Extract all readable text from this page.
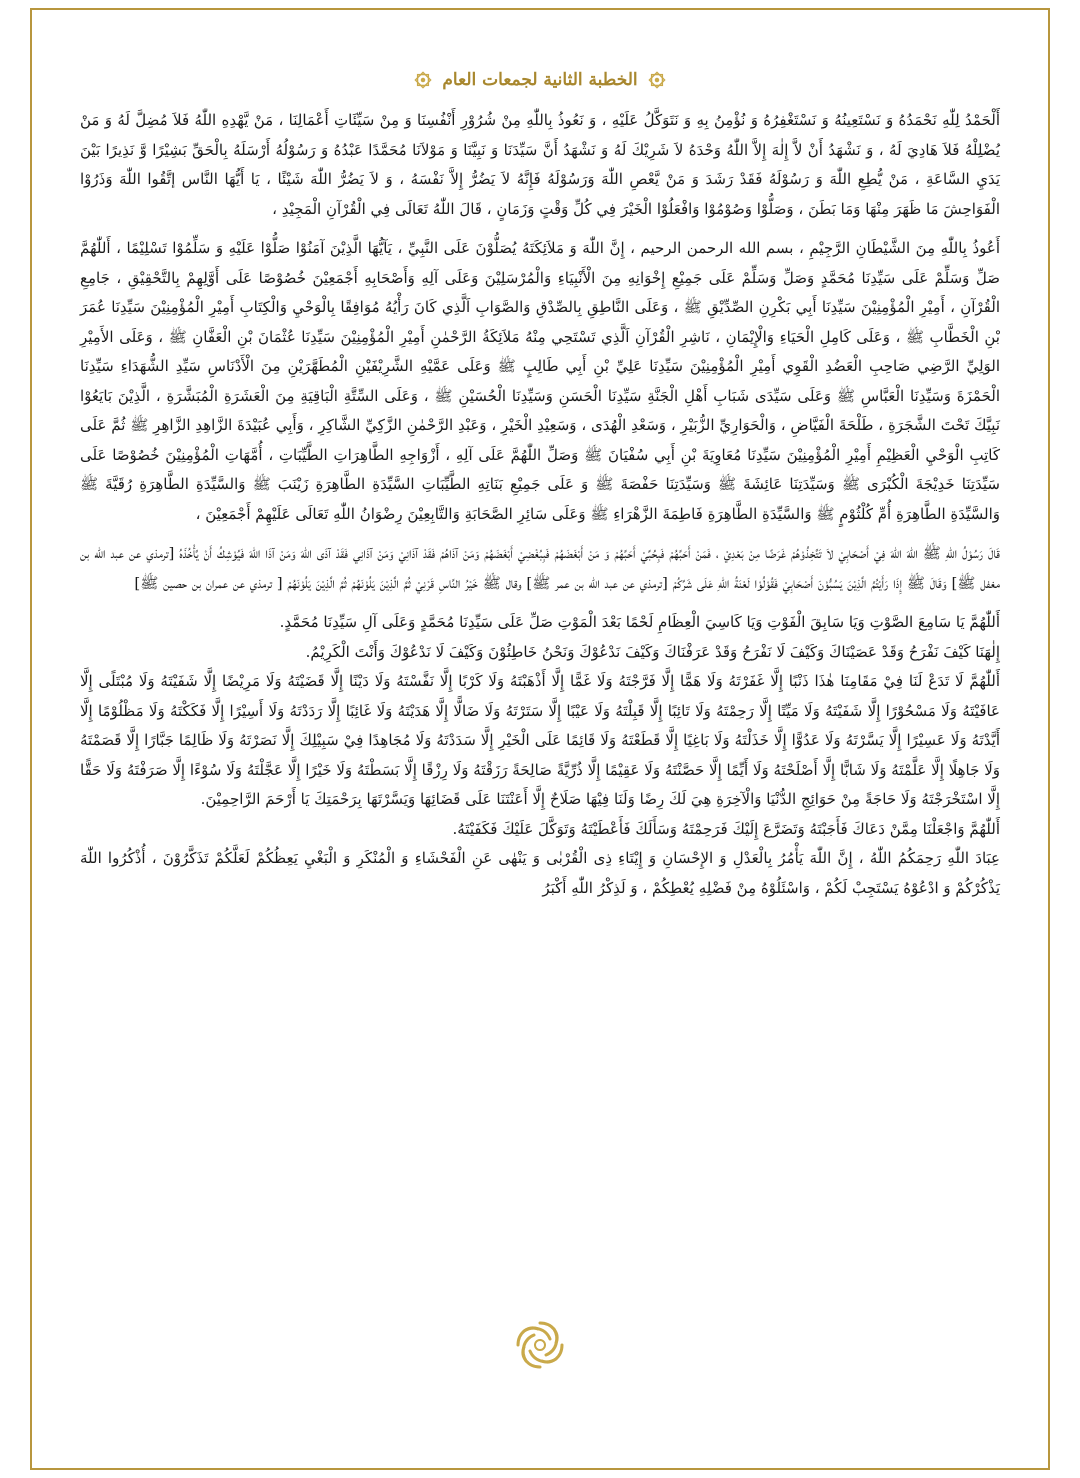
الخطبة الثانية لجمعات العام

أَلْحَمْدُ لِلّٰهِ نَحْمَدُهُ وَ نَسْتَعِينُهُ وَ نَسْتَغْفِرُهُ وَ نُؤْمِنُ بِهِ وَ نَتَوَكَّلُ عَلَيْهِ ، وَ نَعُوذُ بِاللّٰهِ مِنْ شُرُوْرِ أَنْفُسِنَا وَ مِنْ سَيِّئَاتِ أَعْمَالِنَا ، مَنْ يَّهْدِهِ اللّٰهُ فَلاَ مُضِلَّ لَهُ وَ مَنْ يُضْلِلْهُ فَلاَ هَادِيَ لَهُ ، وَ نَشْهَدُ أَنْ لاَّ إِلٰهَ إِلاَّ اللّٰهُ وَحْدَهُ لاَ شَرِيْكَ لَهُ وَ نَشْهَدُ أَنَّ سَيِّدَنَا وَ نَبِيَّنَا وَ مَوْلاَنَا مُحَمَّدًا عَبْدُهُ وَ رَسُوْلُهُ أَرْسَلَهُ بِالْحَقِّ بَشِيْرًا وَّ نَذِيرًا بَيْنَ يَدَيِ السَّاعَةِ ، مَنْ يُّطِعِ اللّٰهَ وَ رَسُوْلَهُ فَقَدْ رَشَدَ وَ مَنْ يَّعْصِ اللّٰهَ وَرَسُوْلَهُ فَإِنَّهُ لاَ يَضُرُّ إِلاَّ نَفْسَهُ ، وَ لاَ يَضُرُّ اللّٰهَ شَيْئًا ، يَا أَيُّهَا النَّاس إتَّقُوا اللّٰهَ وَذَرُوْا الْفَوَاحِشَ مَا ظَهَرَ مِنْهَا وَمَا بَطَنَ ، وَصَلُّوْا وَصُوْمُوْا وَافْعَلُوْا الْخَيْرَ فِي كُلِّ وَقْتٍ وَزَمَانٍ ، قَالَ اللّٰهُ تَعَالَى فِي الْقُرْآنِ الْمَجِيْدِ ،

أَعُوذُ بِاللّٰهِ مِنَ الشَّيْطَانِ الرَّجِيْمِ ، بسم الله الرحمن الرحيم ، إِنَّ اللّٰهَ وَ مَلاَئِكَتَهُ يُصَلُّوْنَ عَلَى النَّبِيِّ ، يَآيُّهَا الَّذِيْنَ آمَنُوْا صَلُّوْا عَلَيْهِ وَ سَلِّمُوْا تَسْلِيْمًا ، أَللّٰهُمَّ صَلِّ وَسَلِّمْ عَلَى سَيِّدِنَا مُحَمَّدٍ وَصَلِّ وَسَلِّمْ عَلَى جَمِيْعِ إِخْوَانِهِ مِنَ الْأَنْبِيَاءِ وَالْمُرْسَلِيْنَ وَعَلَى آلِهِ وَأَصْحَابِهِ أَجْمَعِيْنَ خُصُوْصًا عَلَى أَوَّلِهِمْ بِالتَّحْقِيْقِ ، جَامِعِ الْقُرْآنِ ، أَمِيْرِ الْمُؤْمِنِيْنَ سَيِّدِنَا أَبِي بَكْرِنِ الصِّدِّيْقِ ﷺ ، وَعَلَى النَّاطِقِ بِالصِّدْقِ وَالصَّوَابِ اَلَّذِي كَانَ رَأْيُهُ مُوَافِقًا بِالْوَحْيِ وَالْكِتَابِ أَمِيْرِ الْمُؤْمِنِيْنَ سَيِّدِنَا عُمَرَ بْنِ الْخَطَّابِ ﷺ ، وَعَلَى كَامِلِ الْحَيَاءِ وَالْإِيْمَانِ ، نَاشِرِ الْقُرْآنِ اَلَّذِي تَسْتَحِي مِنْهُ مَلاَئِكَةُ الرَّحْمٰنِ أَمِيْرِ الْمُؤْمِنِيْنَ سَيِّدِنَا عُثْمَانَ بْنِ الْعَفَّانِ ﷺ ، وَعَلَى الأَمِيْرِ الوَلِيِّ الرَّضِي صَاحِبِ الْعَضُدِ الْقَوِي أَمِيْرِ الْمُؤْمِنِيْنَ سَيِّدِنَا عَلِيِّ بْنِ أَبِي طَالِبٍ ﷺ وَعَلَى عَمَّيْهِ الشَّرِيْفَيْنِ الْمُطَهَّرَيْنِ مِنَ الْأَدْنَاسِ سَيِّدِ الشُّهَدَاءِ سَيِّدِنَا الْحَمْزَةَ وَسَيِّدِنَا الْعَبَّاسِ ﷺ وَعَلَى سَيِّدَى شَبَابِ أَهْلِ الْجَنَّةِ سَيِّدِنَا الْحَسَنِ وَسَيِّدِنَا الْحُسَيْنِ ﷺ ، وَعَلَى السِّتَّةِ الْبَاقِيَةِ مِنَ الْعَشَرَةِ الْمُبَشَّرَةِ ، الَّذِيْنَ بَايَعُوْا نَبِيَّكَ تَحْتَ الشَّجَرَةِ ، طَلْحَةَ الْفَيَّاضِ ، وَالْحَوَارِيِّ الزُّبَيْرِ ، وَسَعْدِ الْهُدَى ، وَسَعِيْدِ الْخَيْرِ ، وَعَبْدِ الرَّحْمٰنِ الزَّكِيِّ الشَّاكِرِ ، وَأَبِي عُبَيْدَةَ الزَّاهِدِ الزَّاهِرِ ﷺ ثُمَّ عَلَى كَاتِبِ الْوَحْيِ الْعَظِيْمِ أَمِيْرِ الْمُؤْمِنِيْنَ سَيِّدِنَا مُعَاوِيَةَ بْنِ أَبِي سُفْيَانَ ﷺ وَصَلِّ اللّٰهُمَّ عَلَى آلِهِ ، أَزْوَاجِهِ الطَّاهِرَاتِ الطَّيِّبَاتِ ، أُمَّهَاتِ الْمُؤْمِنِيْنَ خُصُوْصًا عَلَى سَيِّدَتِنَا خَدِيْجَةَ الْكُبْرَى ﷺ وَسَيِّدَتِنَا عَائِشَةَ ﷺ وَسَيِّدَتِنَا حَفْصَةَ ﷺ وَ عَلَى جَمِيْعِ بَنَاتِهِ الطَّيِّبَاتِ السَّيِّدَةِ الطَّاهِرَةِ زَيْنَبَ ﷺ وَالسَّيِّدَةِ الطَّاهِرَةِ رُقَيَّةَ ﷺ وَالسَّيِّدَةِ الطَّاهِرَةِ أُمِّ كُلْثُوْمٍ ﷺ وَالسَّيِّدَةِ الطَّاهِرَةِ فَاطِمَةَ الزَّهْرَاءِ ﷺ وَعَلَى سَائِرِ الصَّحَابَةِ وَالتَّابِعِيْنَ رِضْوَانُ اللّٰهِ تَعَالَى عَلَيْهِمْ أَجْمَعِيْنَ ،

قَالَ رَسُوْلُ اللّٰهِ ﷺ اللّٰهَ اللّٰهَ فِيْ أَصْحَابِيْ لاَ تَتَّخِذُوْهُمْ غَرَضًا مِنْ بَعْدِيْ ، فَمَنْ أَحَبَّهُمْ فَبِحُبِّيْ أَحَبَّهُمْ وَ مَنْ أَبْغَضَهُمْ فَبِبُغْضِيْ أَبْغَضَهُمْ وَمَنْ آذَاهُمْ فَقَدْ آذَانِيْ وَمَنْ آذَانِي فَقَدْ آذَى اللّٰهَ وَمَنْ آذَا اللّٰهَ فَيُوْشِكُ أَنْ يَّأْخُذَهُ [ترمذي عن عبد الله بن مغفل ﷺ] وَقَالَ ﷺ إِذَا رَأَيْتُمُ الَّذِيْنَ يَسُبُّوْنَ أَصْحَابِيْ فَقُوْلُوْا لَعْنَةُ اللّٰهِ عَلَى شَرِّكُمْ [ترمذي عن عبد الله بن عمر ﷺ] وقال ﷺ خَيْرُ النَّاسِ قَرْنِيْ ثُمَّ الَّذِيْنَ يَلُوْنَهُمْ ثُمَّ الَّذِيْنَ يَلُوْنَهُمْ [ ترمذي عن عمران بن حصين ﷺ]

أَللّٰهُمَّ يَا سَامِعَ الصَّوْتِ وَيَا سَابِقَ الْفَوْتِ وَيَا كَاسِيَ الْعِظَامِ لَحْمًا بَعْدَ الْمَوْتِ صَلِّ عَلَى سَيِّدِنَا مُحَمَّدٍ وَعَلَى آلِ سَيِّدِنَا مُحَمَّدٍ.

إِلٰهَنَا كَيْفَ نَفْرَحُ وَقَدْ عَصَيْنَاكَ وَكَيْفَ لَا نَفْرَحُ وَقَدْ عَرَفْنَاكَ وَكَيْفَ نَدْعُوْكَ وَنَحْنُ خَاطِئُوْنَ وَكَيْفَ لَا نَدْعُوْكَ وَأَنْتَ الْكَرِيْمُ.

أَللّٰهُمَّ لَا تَدَعْ لَنَا فِيْ مَقَامِنَا هٰذَا ذَنْبًا إِلَّا غَفَرْتَهُ وَلَا هَمًّا إِلَّا فَرَّجْتَهُ وَلَا غَمًّا إِلَّا أَذْهَبْتَهُ وَلَا كَرْبًا إِلَّا نَفَّسْتَهُ وَلَا دَيْنًا إِلَّا قَضَيْتَهُ وَلَا مَرِيْضًا إِلَّا شَفَيْتَهُ وَلَا مُبْتَلًى إِلَّا عَافَيْتَهُ وَلَا مَسْحُوْرًا إِلَّا شَفَيْتَهُ وَلَا مَيِّتًا إِلَّا رَحِمْتَهُ وَلَا تَائِبًا إِلَّا قَبِلْتَهُ وَلَا عَيْبًا إِلَّا سَتَرْتَهُ وَلَا ضَالًّا إِلَّا هَدَيْتَهُ وَلَا غَائِبًا إِلَّا رَدَدْتَهُ وَلَا أَسِيْرًا إِلَّا فَكَكْتَهُ وَلَا مَظْلُوْمًا إِلَّا أَيَّدْتَهُ وَلَا عَسِيْرًا إِلَّا يَسَّرْتَهُ وَلَا عَدُوًّا إِلَّا خَذَلْتَهُ وَلَا بَاغِيًا إِلَّا قَطَعْتَهُ وَلَا قَائِمًا عَلَى الْخَيْرِ إِلَّا سَدَدْتَهُ وَلَا مُجَاهِدًا فِيْ سَبِيْلِكَ إِلَّا نَصَرْتَهُ وَلَا ظَالِمًا جَبَّارًا إِلَّا قَصَمْتَهُ وَلَا جَاهِلًا إِلَّا عَلَّمْتَهُ وَلَا شَابًّا إِلَّا أَصْلَحْتَهُ وَلَا أَيِّمًا إِلَّا حَصَّنْتَهُ وَلَا عَقِيْمًا إِلَّا ذُرِّيَّةً صَالِحَةً رَزَقْتَهُ وَلَا رِزْقًا إِلَّا بَسَطْتَهُ وَلَا خَيْرًا إِلَّا عَجَّلْتَهُ وَلَا سُوْءًا إِلَّا صَرَفْتَهُ وَلَا حَقًّا إِلَّا اسْتَخْرَجْتَهُ وَلَا حَاجَةً مِنْ حَوَائِجِ الدُّنْيَا وَالْآخِرَةِ هِيَ لَكَ رِضًا وَلَنَا فِيْهَا صَلَاحٌ إِلَّا أَعَنْتَنَا عَلَى قَضَائِهَا وَيَسَّرْتَهَا بِرَحْمَتِكَ يَا أَرْحَمَ الرَّاحِمِيْنَ.

أَللّٰهُمَّ وَاجْعَلْنَا مِمَّنْ دَعَاكَ فَأَجَبْتَهُ وَتَضَرَّعَ إِلَيْكَ فَرَحِمْتَهُ وَسَأَلَكَ فَأَعْطَيْتَهُ وَتَوَكَّلَ عَلَيْكَ فَكَفَيْتَهُ.

عِبَادَ اللّٰهِ رَحِمَكُمُ اللّٰهُ ، إِنَّ اللّٰهَ يَأْمُرُ بِالْعَدْلِ وَ الإِحْسَانِ وَ إِيْتَاءِ ذِى الْقُرْبٰى وَ يَنْهٰى عَنِ الْفَحْشَاءِ وَ الْمُنْكَرِ وَ الْبَغْيِ يَعِظُكُمْ لَعَلَّكُمْ تَذَكَّرُوْنَ ، أُذْكُرُوا اللّٰهَ يَذْكُرْكُمْ وَ ادْعُوْهُ يَسْتَجِبْ لَكُمْ ، وَاسْئَلُوْهُ مِنْ فَضْلِهِ يُعْطِكُمْ ، وَ لَذِكْرُ اللّٰهِ أَكْبَرُ
